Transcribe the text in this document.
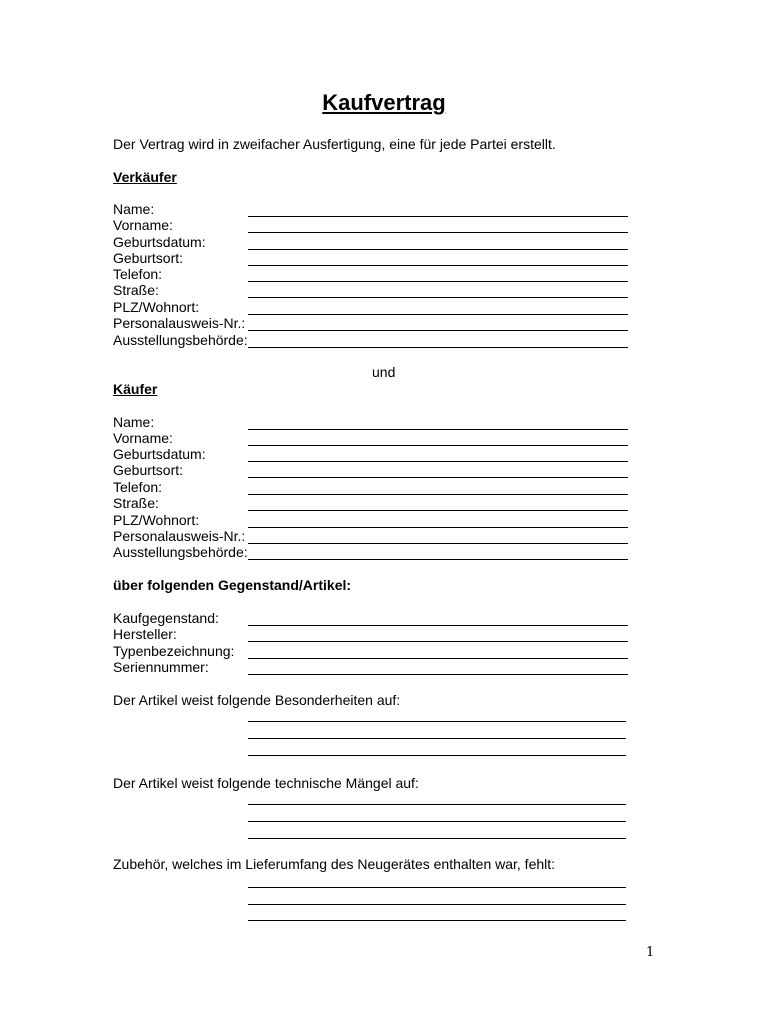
Kaufvertrag
Der Vertrag wird in zweifacher Ausfertigung, eine für jede Partei erstellt.
Verkäufer
Name:
Vorname:
Geburtsdatum:
Geburtsort:
Telefon:
Straße:
PLZ/Wohnort:
Personalausweis-Nr.:
Ausstellungsbehörde:
und
Käufer
Name:
Vorname:
Geburtsdatum:
Geburtsort:
Telefon:
Straße:
PLZ/Wohnort:
Personalausweis-Nr.:
Ausstellungsbehörde:
über folgenden Gegenstand/Artikel:
Kaufgegenstand:
Hersteller:
Typenbezeichnung:
Seriennummer:
Der Artikel weist folgende Besonderheiten auf:
Der Artikel weist folgende technische Mängel auf:
Zubehör, welches im Lieferumfang des Neugerätes enthalten war, fehlt:
1
